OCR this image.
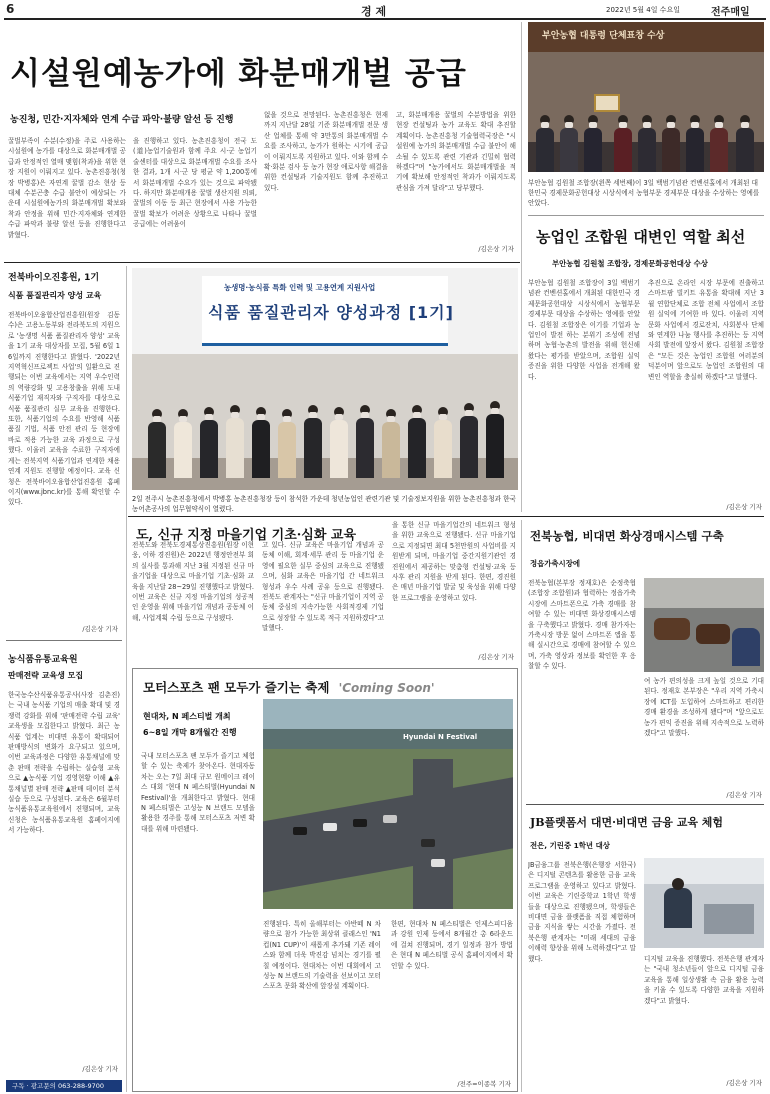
6	경 제	2022년 5월 4일 수요일	전주매일
시설원예농가에 화분매개벌 공급
농진청, 민간·지자체와 연계 수급 파악·불량 알선 등 진행
꿀벌부족이 수분(수정)을 주로 사용하는 시설원예 농가를 대상으로 화분매개벌 공급과 안정적인 열매 맺힘(착과)을 위한 현장 지원이 이뤄지고 있다. 농촌진흥청(청장 박병홍)은 자연계 꿀벌 감소 현상 등 대체 수분곤충 수급 불안이 예상되는 가운데 시설원예농가의 화분매개벌 확보와 착과 안정을 위해 민간·지자체와 연계한 수급 파악과 불량 알선 등을 진행한다고 밝혔다.
을 진행하고 있다. 농촌진흥청이 전국 도(道)농업기술원과 함께 주요 시·군 농업기술센터를 대상으로 화분매개벌 수요를 조사한 결과, 1개 시·군 당 평균 약 1,200통에서 화분매개벌 수요가 있는 것으로 파악됐다. 하지만 화분매개용 꿀벌 생산지원 의뢰, 꿀벌의 이동 등 최근 현장에서 사용 가능한 꿀벌 확보가 어려운 상황으로 나타나 꿀벌 공급에는 어려움이
없을 것으로 전망된다. 농촌진흥청은 현재까지 지난달 28일 기준 화분매개벌 전문 생산 업체를 통해 약 3만통의 화분매개벌 수요를 조사하고, 농가가 원하는 시기에 공급이 이뤄지도록 지원하고 있다. 이와 함께 수확·화분 검사 등 농가 현장 애로사항 해결을 위한 컨설팅과 기술지원도 함께 추진하고 있다.
고, 화분매개용 꿀벌의 수분방법을 위한 현장 컨설팅과 농가 교육도 확대 추진할 계획이다. 농촌진흥청 기술협력국장은 "시설원예 농가의 화분매개벌 수급 불안이 해소될 수 있도록 관련 기관과 긴밀히 협력하겠다"며 "농가에서도 화분매개벌을 적기에 확보해 안정적인 착과가 이뤄지도록 관심을 가져 달라"고 당부했다.
/김은상 기자
부안농협 대통령 단체표창 수상
부안농협 김원철 조합장(왼쪽 세번째)이 3일 백범기념관 컨벤션홀에서 개최된 대한민국 경제문화공헌대상 시상식에서 농협부문 경제부문 대상을 수상하는 영예를 안았다.
농업인 조합원 대변인 역할 최선
부안농협 김원철 조합장, 경제문화공헌대상 수상
부안농협 김원철 조합장이 3일 백범기념관 컨벤션홀에서 개최된 대한민국 경제문화공헌대상 시상식에서 농협부문 경제부문 대상을 수상하는 영예를 안았다. 김원철 조합장은 이기를 기업과 농업인이 발전 하는 분위기 조성에 전념하며 농협·농촌의 발전을 위해 헌신해 왔다는 평가를 받았으며, 조합원 실익 증진을 위한 다양한 사업을 전개해 왔다.
추진으로 온라인 시장 부문에 진출하고 스마트팜 빌키트 유통을 확대해 지난 3월 연합단체로 조합 전체 사업에서 조합원 실익에 기여한 바 있다. 이울러 지역문화 사업에서 경로잔치, 사회봉사 단체와 연계한 나눔 행사를 추진하는 등 지역사회 발전에 앞장서 왔다. 김원철 조합장은 "모든 것은 농업인 조합원 여러분의 덕분이며 앞으로도 농업인 조합원의 대변인 역할을 충실히 하겠다"고 말했다.
/김은상 기자
전북바이오진흥원, 1기
식품 품질관리자 양성 교육
전북바이오융합산업진흥원(원장 김동수)은 고용노동부와 전라북도의 지원으로 '농생명 식품 품질관리자 양성' 교육을 1기 교육 대상자를 모집, 5월 6일 16일까지 진행한다고 밝혔다. '2022년 지역혁신프로젝트 사업'의 일환으로 진행되는 이번 교육에서는 지역 우수인력의 역량강화 및 고용창출을 위해 도내 식품기업 재직자와 구직자를 대상으로 식품 품질관리 실무 교육을 진행한다. 또한, 식품기업의 수요를 반영해 식품 품질 기법, 식품 안전 관리 등 현장에 바로 적용 가능한 교육 과정으로 구성했다. 이울러 교육을 수료한 구직자에게는 전북지역 식품기업과 연계한 채용 연계 지원도 진행할 예정이다. 교육 신청은 전북바이오융합산업진흥원 홈페이지(www.jbnc.kr)를 통해 확인할 수 있다.
/김은상 기자
농식품유통교육원
판매전략 교육생 모집
한국농수산식품유통공사(사장 김춘진)는 국내 농식품 기업의 매출 확대 및 경쟁력 강화를 위해 '판매전략 수립 교육' 교육생을 모집한다고 밝혔다. 최근 농식품 업계는 비대면 유통이 확대되어 판매방식의 변화가 요구되고 있으며, 이번 교육과정은 다양한 유통채널에 맞춘 판매 전략을 수립하는 실습형 교육으로 ▲농식품 기업 경영현황 이해 ▲유통채널별 판매 전략 ▲판매 데이터 분석 실습 등으로 구성된다. 교육은 6월부터 농식품유통교육원에서 진행되며, 교육 신청은 농식품유통교육원 홈페이지에서 가능하다.
/김은상 기자
구독 · 광고문의 063-288-9700
농생명·농식품 특화 인력 및 고용연계 지원사업
식품 품질관리자 양성과정 [1기]
2일 전주시 농촌진흥청에서 박병홍 농촌진흥청장 등이 참석한 가운데 청년농업인 관련기관 및 기술정보지원을 위한 농촌진흥청과 한국농어촌공사의 업무협약식이 열렸다.
도, 신규 지정 마을기업 기초·심화 교육
전북도와 전북도경제통상진흥원(원장 이현웅, 이하 경진원)은 2022년 행정안전부 회의 실사를 통과해 지난 3월 지정된 신규 마을기업을 대상으로 마을기업 기초·심화 교육을 지난달 28~29일 진행했다고 밝혔다. 이번 교육은 신규 지정 마을기업의 성공적인 운영을 위해 마을기업 개념과 공동체 이해, 사업계획 수립 등으로 구성됐다.
고 있다. 신규 교육은 마을기업 개념과 공동체 이해, 회계·세무 관리 등 마을기업 운영에 필요한 실무 중심의 교육으로 진행됐으며, 심화 교육은 마을기업 간 네트워크 형성과 우수 사례 공유 등으로 진행됐다. 전북도 관계자는 "신규 마을기업이 지역 공동체 중심의 지속가능한 사회적경제 기업으로 성장할 수 있도록 적극 지원하겠다"고 말했다.
을 통한 신규 마을기업간의 네트워크 형성을 위한 교육으로 진행됐다. 신규 마을기업으로 지정되면 최대 5천만원의 사업비를 지원받게 되며, 마을기업 중간지원기관인 경진원에서 제공하는 맞춤형 컨설팅·교육 등 사후 관리 지원을 받게 된다. 한편, 경진원은 매년 마을기업 발굴 및 육성을 위해 다양한 프로그램을 운영하고 있다.
/김은상 기자
모터스포츠 팬 모두가 즐기는 축제 'Coming Soon'
현대차, N 페스티벌 개최
6~8일 개막 8개월간 진행
국내 모터스포츠 팬 모두가 즐기고 체험할 수 있는 축제가 찾아온다. 현대자동차는 오는 7일 최대 규모 원메이크 레이스 대회 '현대 N 페스티벌(Hyundai N Festival)'을 개최한다고 밝혔다. 현대 N 페스티벌은 고성능 N 브랜드 모델을 활용한 경주를 통해 모터스포츠 저변 확대를 위해 마련됐다.
Hyundai N Festival
진행된다. 특히 올해부터는 아반떼 N 차량으로 참가 가능한 최상위 클래스인 'N1 컵(N1 CUP)'이 새롭게 추가돼 기존 레이스와 함께 더욱 박진감 넘치는 경기를 펼칠 예정이다. 현대차는 이번 대회에서 고성능 N 브랜드의 기술력을 선보이고 모터스포츠 문화 확산에 앞장설 계획이다.
한편, 현대차 N 페스티벌은 인제스피디움과 강원 인제 등에서 8개월간 총 6라운드에 걸쳐 진행되며, 경기 일정과 참가 방법은 현대 N 페스티벌 공식 홈페이지에서 확인할 수 있다.
/전주=이종복 기자
전북농협, 비대면 화상경매시스템 구축
정읍가축시장에
전북농협(본부장 정재호)은 순정축협(조합장 조합원)과 협력하는 정읍가축시장에 스마트폰으로 가축 경매를 참여할 수 있는 비대면 화상경매시스템을 구축했다고 밝혔다. 경매 참가자는 가축시장 방문 없이 스마트폰 앱을 통해 실시간으로 경매에 참여할 수 있으며, 가축 영상과 정보를 확인한 후 응찰할 수 있다.
여 농가 편의성을 크게 높일 것으로 기대된다. 정재호 본부장은 "우리 지역 가축시장에 ICT를 도입하여 스마트하고 편리한 경매 환경을 조성하게 됐다"며 "앞으로도 농가 편익 증진을 위해 지속적으로 노력하겠다"고 말했다.
/김은상 기자
JB플랫폼서 대면·비대면 금융 교육 체험
전은, 기린중 1학년 대상
JB금융그룹 전북은행(은행장 서한국)은 디지털 콘텐츠를 활용한 금융 교육 프로그램을 운영하고 있다고 밝혔다. 이번 교육은 기린중학교 1학년 학생들을 대상으로 진행됐으며, 학생들은 비대면 금융 플랫폼을 직접 체험하며 금융 지식을 쌓는 시간을 가졌다. 전북은행 관계자는 "미래 세대의 금융 이해력 향상을 위해 노력하겠다"고 말했다.	디지털 교육을 진행했다. 전북은행 관계자는 "국내 청소년들이 앞으로 디지털 금융 교육을 통해 일상생활 속 금융 활용 능력을 키울 수 있도록 다양한 교육을 지원하겠다"고 밝혔다.
/김은상 기자
